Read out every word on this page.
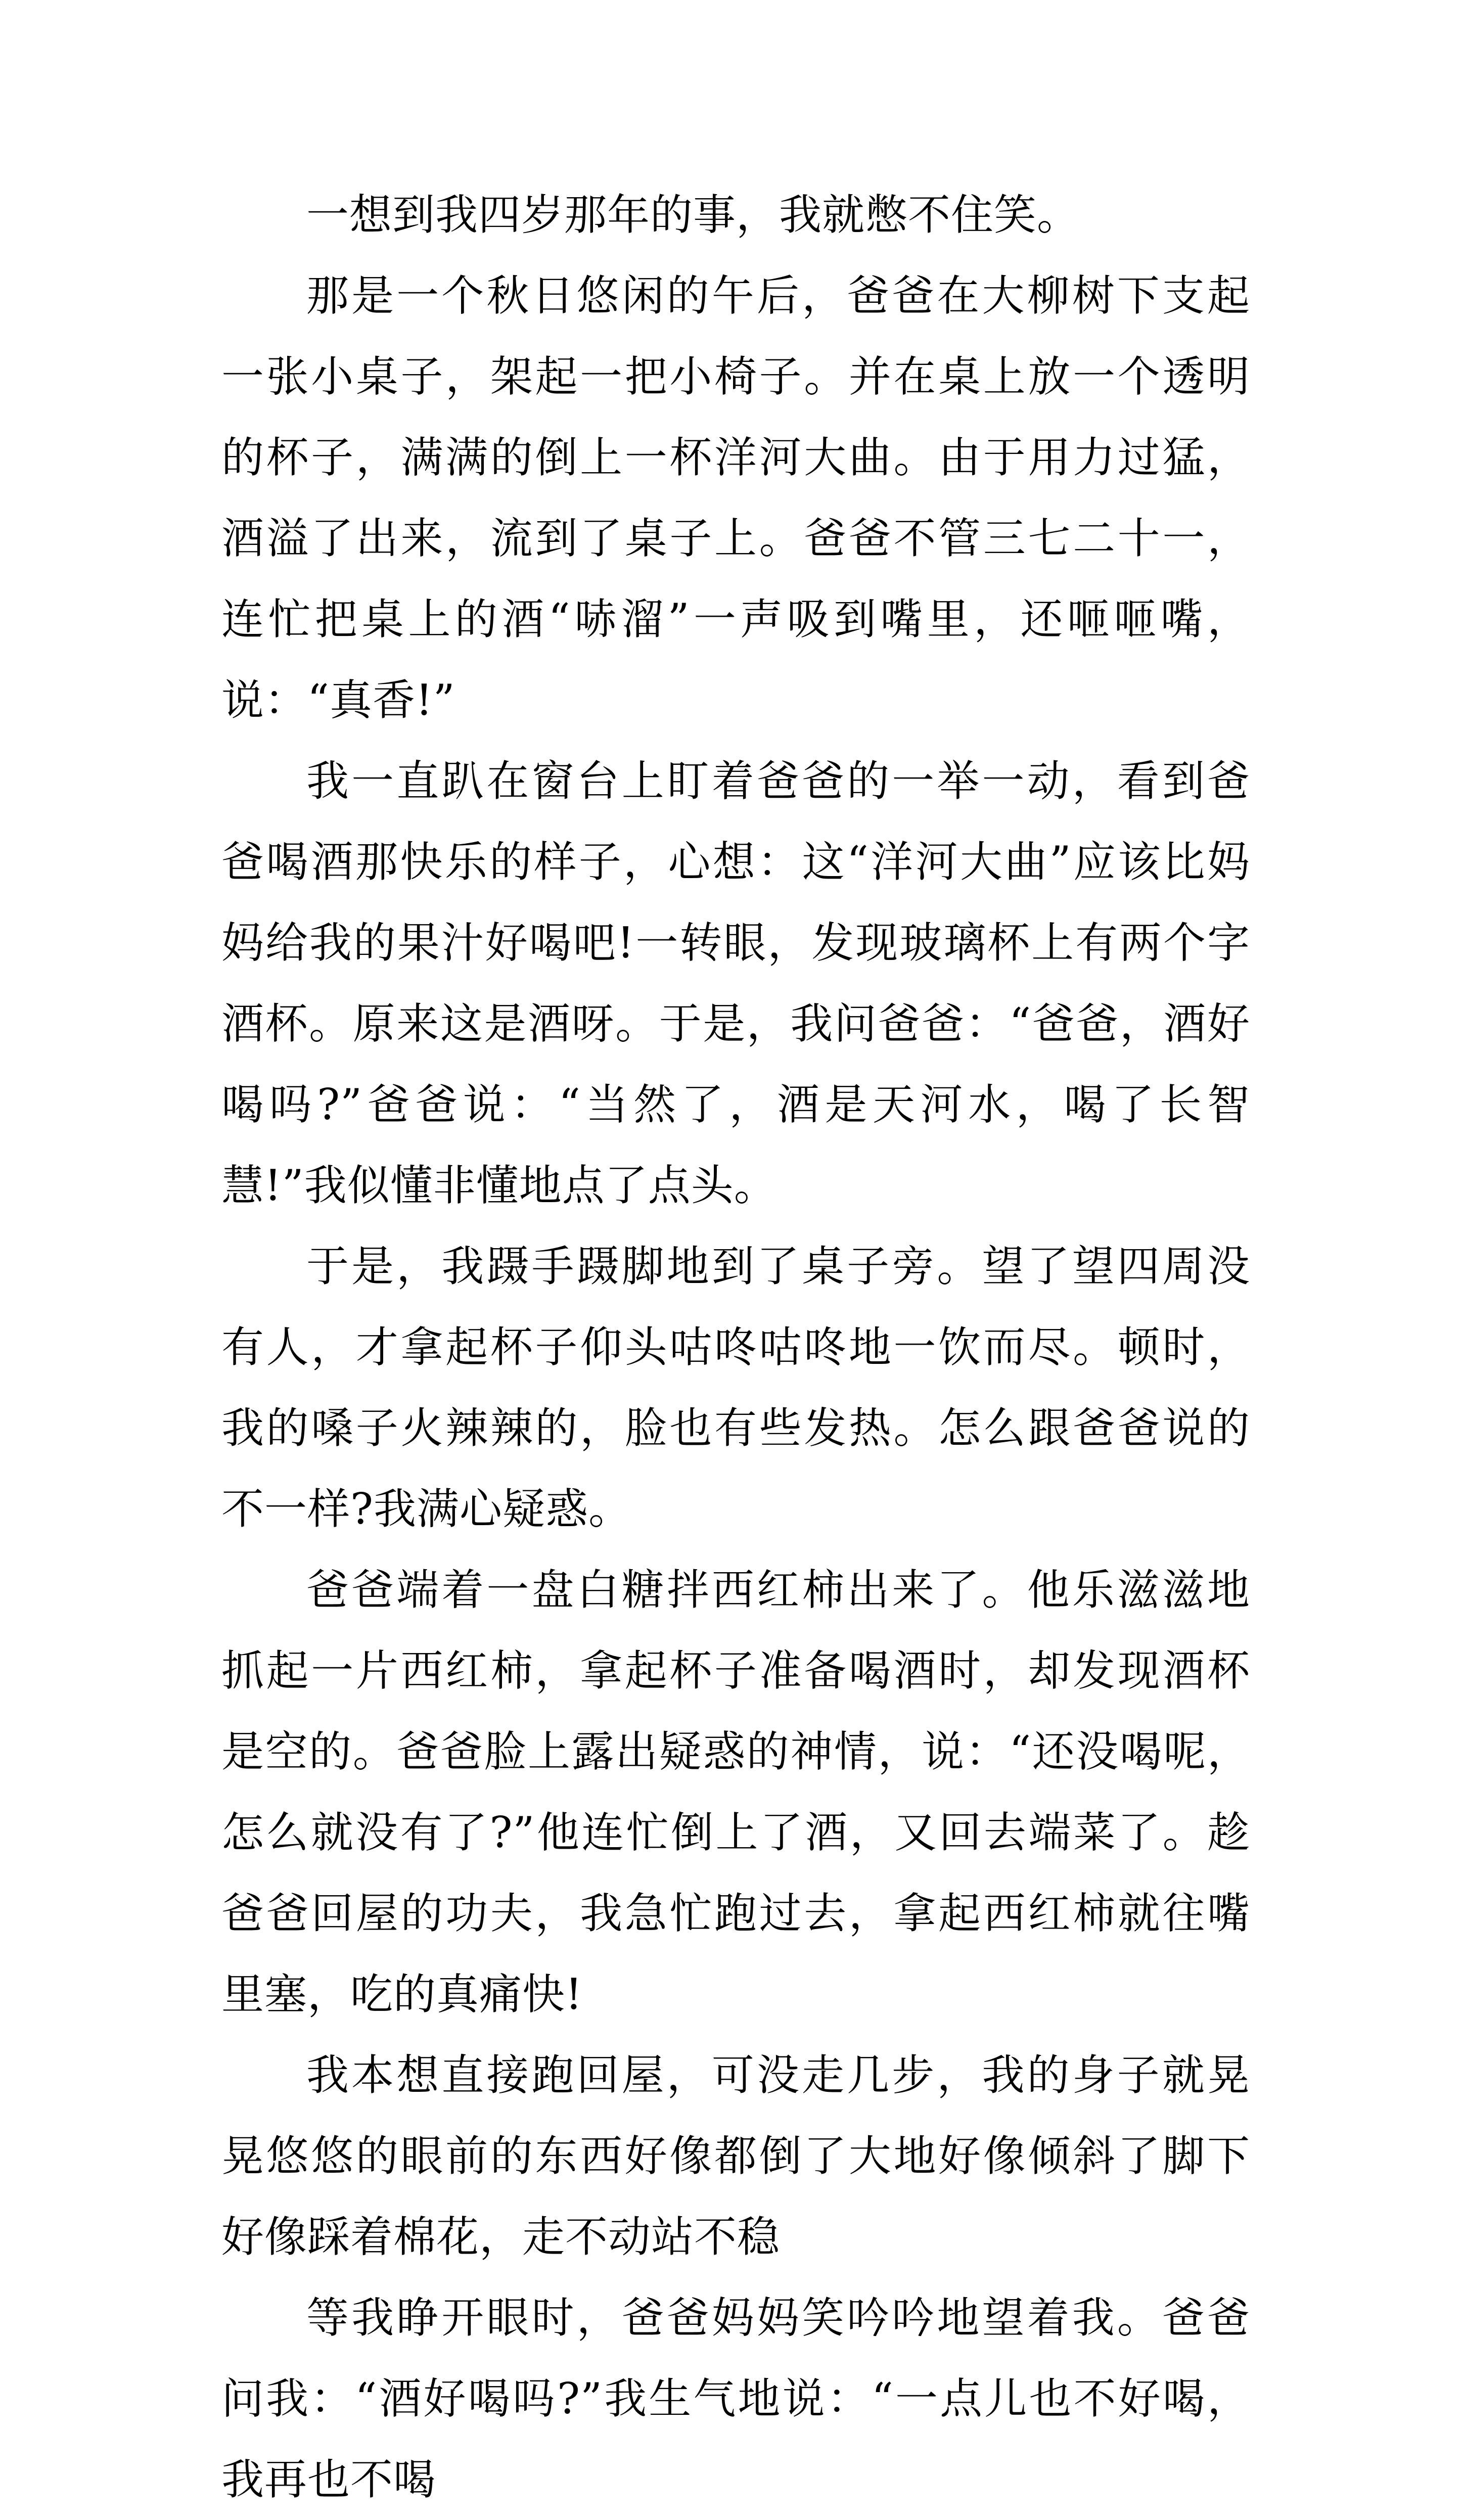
一想到我四岁那年的事，我就憋不住笑。

那是一个秋日悠闲的午后，爸爸在大柳树下支起一张小桌子，架起一把小椅子。并在桌上放一个透明的杯子，满满的倒上一杯洋河大曲。由于用力过猛，酒溢了出来，流到了桌子上。爸爸不管三七二十一，连忙把桌上的酒“哧溜”一声吸到嘴里，还咂咂嘴，说：“真香!”

我一直趴在窗台上盯着爸爸的一举一动，看到爸爸喝酒那快乐的样子，心想：这“洋河大曲”应该比妈妈给我的果汁好喝吧!一转眼，发现玻璃杯上有两个字酒杯。原来这是酒呀。于是，我问爸爸：“爸爸，酒好喝吗?”爸爸说：“当然了，酒是天河水，喝了长智慧!”我似懂非懂地点了点头。

于是，我蹑手蹑脚地到了桌子旁。望了望四周没有人，才拿起杯子仰头咕咚咕咚地一饮而尽。顿时，我的嗓子火辣辣的，脸也有些发热。怎么跟爸爸说的不一样?我满心疑惑。

爸爸端着一盘白糖拌西红柿出来了。他乐滋滋地抓起一片西红柿，拿起杯子准备喝酒时，却发现酒杯是空的。爸爸脸上露出疑惑的神情，说：“还没喝呢，怎么就没有了?”他连忙倒上了酒，又回去端菜了。趁爸爸回屋的功夫，我急忙跑过去，拿起西红柿就往嘴里塞，吃的真痛快!

我本想直接跑回屋，可没走几步，我的身子就晃晃悠悠的眼前的东西好像都倒了大地好像倾斜了脚下好像踩着棉花，走不动站不稳

等我睁开眼时，爸爸妈妈笑吟吟地望着我。爸爸问我：“酒好喝吗?”我生气地说：“一点儿也不好喝，我再也不喝
